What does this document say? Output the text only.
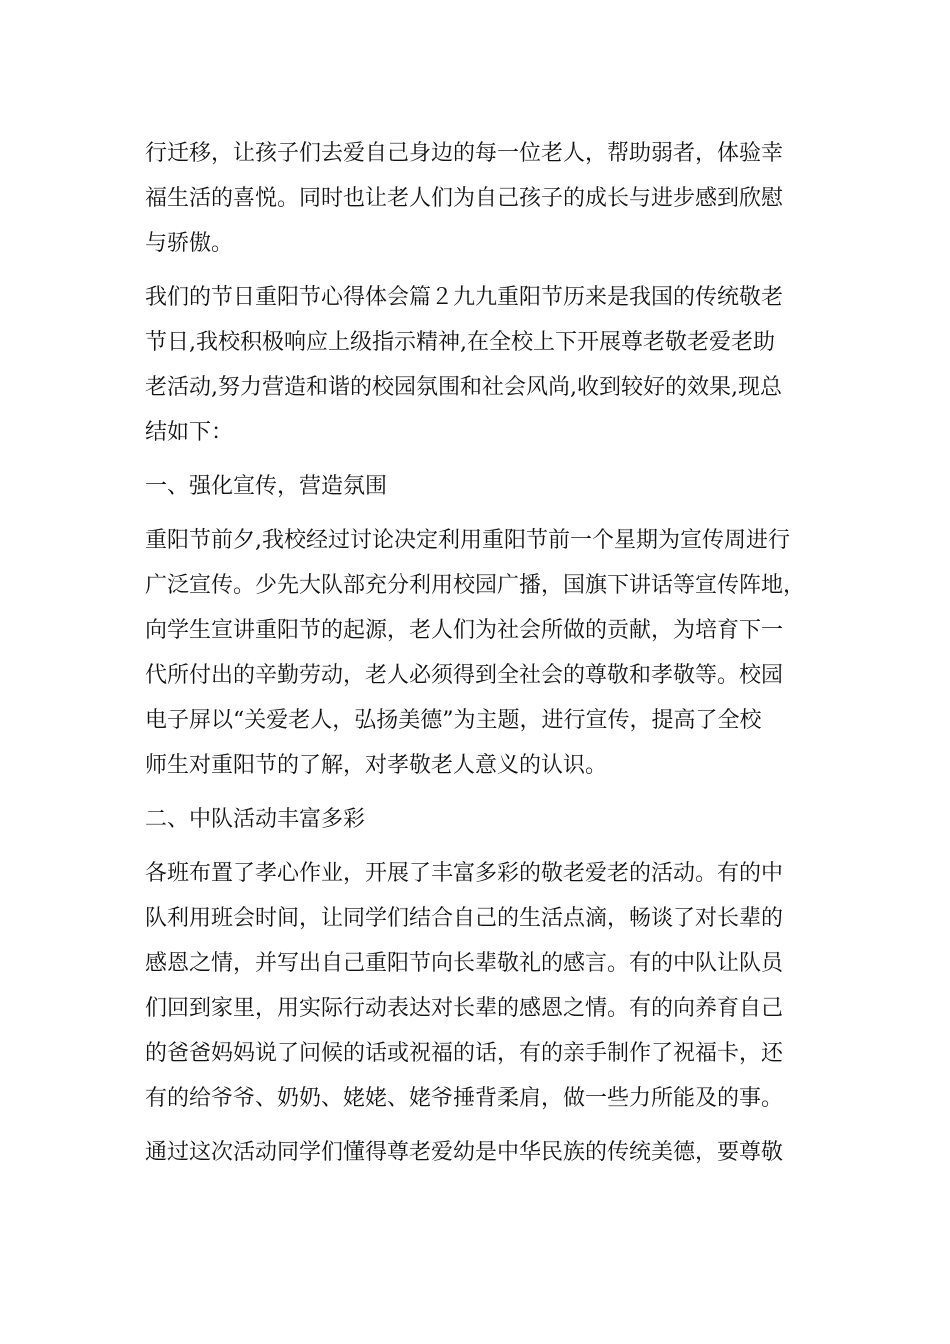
行迁移，让孩子们去爱自己身边的每一位老人，帮助弱者，体验幸
福生活的喜悦。同时也让老人们为自己孩子的成长与进步感到欣慰
与骄傲。
我们的节日重阳节心得体会篇２九九重阳节历来是我国的传统敬老
节日,我校积极响应上级指示精神,在全校上下开展尊老敬老爱老助
老活动,努力营造和谐的校园氛围和社会风尚,收到较好的效果,现总
结如下：
一、强化宣传，营造氛围
重阳节前夕,我校经过讨论决定利用重阳节前一个星期为宣传周进行
广泛宣传。少先大队部充分利用校园广播，国旗下讲话等宣传阵地，
向学生宣讲重阳节的起源，老人们为社会所做的贡献，为培育下一
代所付出的辛勤劳动，老人必须得到全社会的尊敬和孝敬等。校园
电子屏以“关爱老人，弘扬美德”为主题，进行宣传，提高了全校
师生对重阳节的了解，对孝敬老人意义的认识。
二、中队活动丰富多彩
各班布置了孝心作业，开展了丰富多彩的敬老爱老的活动。有的中
队利用班会时间，让同学们结合自己的生活点滴，畅谈了对长辈的
感恩之情，并写出自己重阳节向长辈敬礼的感言。有的中队让队员
们回到家里，用实际行动表达对长辈的感恩之情。有的向养育自己
的爸爸妈妈说了问候的话或祝福的话，有的亲手制作了祝福卡，还
有的给爷爷、奶奶、姥姥、姥爷捶背柔肩，做一些力所能及的事。
通过这次活动同学们懂得尊老爱幼是中华民族的传统美德，要尊敬
